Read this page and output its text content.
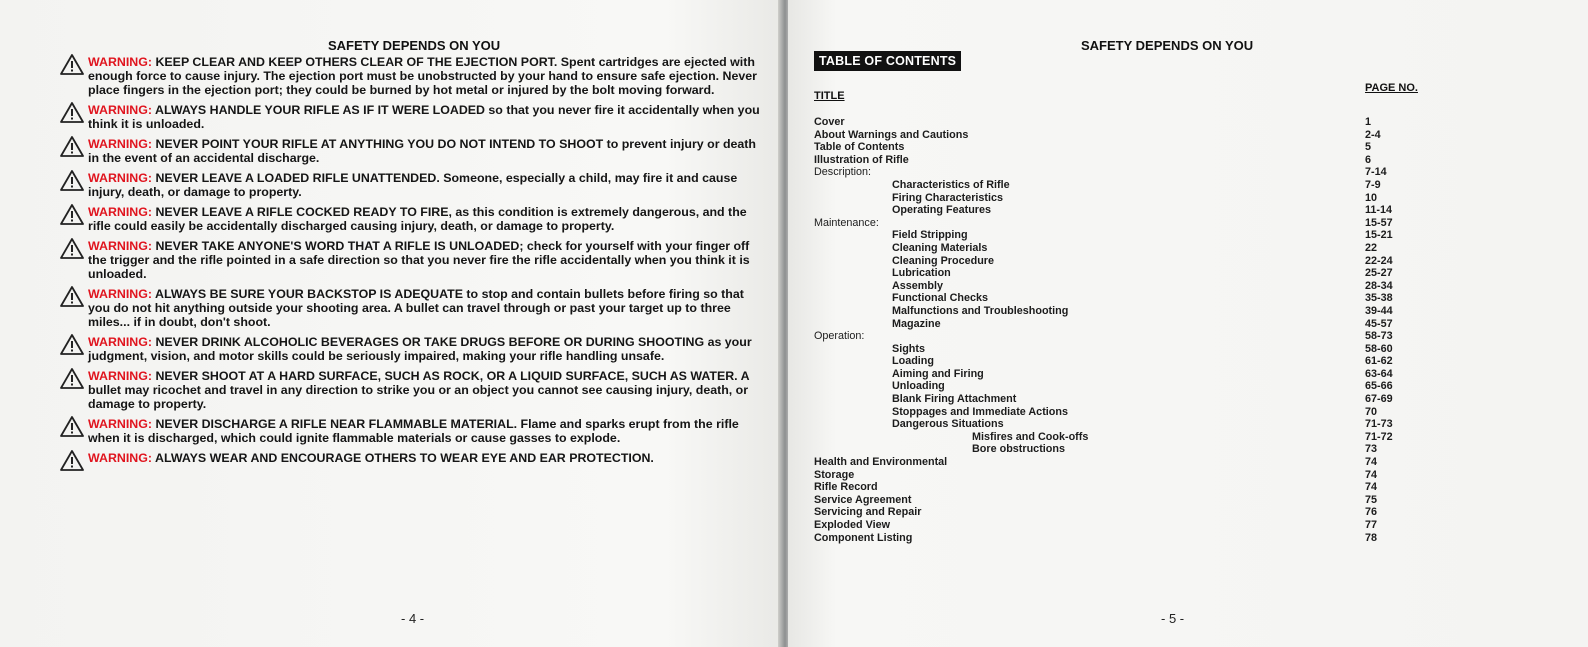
SAFETY DEPENDS ON YOU
WARNING: KEEP CLEAR AND KEEP OTHERS CLEAR OF THE EJECTION PORT. Spent cartridges are ejected with enough force to cause injury. The ejection port must be unobstructed by your hand to ensure safe ejection. Never place fingers in the ejection port; they could be burned by hot metal or injured by the bolt moving forward.
WARNING: ALWAYS HANDLE YOUR RIFLE AS IF IT WERE LOADED so that you never fire it accidentally when you think it is unloaded.
WARNING: NEVER POINT YOUR RIFLE AT ANYTHING YOU DO NOT INTEND TO SHOOT to prevent injury or death in the event of an accidental discharge.
WARNING: NEVER LEAVE A LOADED RIFLE UNATTENDED. Someone, especially a child, may fire it and cause injury, death, or damage to property.
WARNING: NEVER LEAVE A RIFLE COCKED READY TO FIRE, as this condition is extremely dangerous, and the rifle could easily be accidentally discharged causing injury, death, or damage to property.
WARNING: NEVER TAKE ANYONE'S WORD THAT A RIFLE IS UNLOADED; check for yourself with your finger off the trigger and the rifle pointed in a safe direction so that you never fire the rifle accidentally when you think it is unloaded.
WARNING: ALWAYS BE SURE YOUR BACKSTOP IS ADEQUATE to stop and contain bullets before firing so that you do not hit anything outside your shooting area. A bullet can travel through or past your target up to three miles... if in doubt, don't shoot.
WARNING: NEVER DRINK ALCOHOLIC BEVERAGES OR TAKE DRUGS BEFORE OR DURING SHOOTING as your judgment, vision, and motor skills could be seriously impaired, making your rifle handling unsafe.
WARNING: NEVER SHOOT AT A HARD SURFACE, SUCH AS ROCK, OR A LIQUID SURFACE, SUCH AS WATER. A bullet may ricochet and travel in any direction to strike you or an object you cannot see causing injury, death, or damage to property.
WARNING: NEVER DISCHARGE A RIFLE NEAR FLAMMABLE MATERIAL. Flame and sparks erupt from the rifle when it is discharged, which could ignite flammable materials or cause gasses to explode.
WARNING: ALWAYS WEAR AND ENCOURAGE OTHERS TO WEAR EYE AND EAR PROTECTION.
- 4 -
SAFETY DEPENDS ON YOU
TABLE OF CONTENTS
TITLE
PAGE NO.
Cover	1
About Warnings and Cautions	2-4
Table of Contents	5
Illustration of Rifle	6
Description:	7-14
Characteristics of Rifle	7-9
Firing Characteristics	10
Operating Features	11-14
Maintenance:	15-57
Field Stripping	15-21
Cleaning Materials	22
Cleaning Procedure	22-24
Lubrication	25-27
Assembly	28-34
Functional Checks	35-38
Malfunctions and Troubleshooting	39-44
Magazine	45-57
Operation:	58-73
Sights	58-60
Loading	61-62
Aiming and Firing	63-64
Unloading	65-66
Blank Firing Attachment	67-69
Stoppages and Immediate Actions	70
Dangerous Situations	71-73
Misfires and Cook-offs	71-72
Bore obstructions	73
Health and Environmental	74
Storage	74
Rifle Record	74
Service Agreement	75
Servicing and Repair	76
Exploded View	77
Component Listing	78
- 5 -
